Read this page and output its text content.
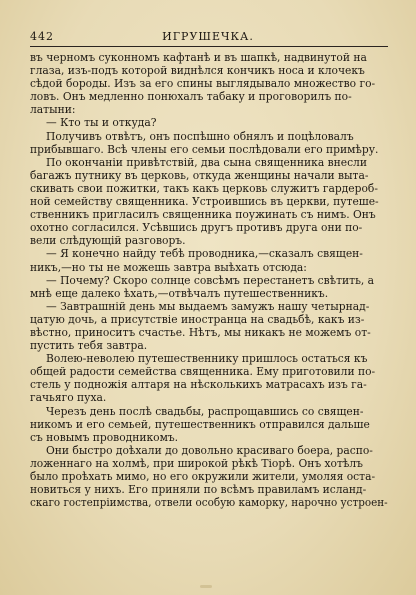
442	ИГРУШЕЧКА.
въ черномъ суконномъ кафтанѣ и въ шапкѣ, надвинутой на
глаза, изъ-подъ которой виднѣлся кончикъ носа и клочекъ
сѣдой бороды. Изъ за его спины выглядывало множество го-
ловъ. Онъ медленно понюхалъ табаку и проговорилъ по-
латыни:
— Кто ты и откуда?
Получивъ отвѣтъ, онъ поспѣшно обнялъ и поцѣловалъ
прибывшаго. Всѣ члены его семьи послѣдовали его примѣру.
По окончаніи привѣтствій, два сына священника внесли
багажъ путнику въ церковь, откуда женщины начали выта-
скивать свои пожитки, такъ какъ церковь служитъ гардероб-
ной семейству священника. Устроившись въ церкви, путеше-
ственникъ пригласилъ священника поужинать съ нимъ. Онъ
охотно согласился. Усѣвшись другъ противъ друга они по-
вели слѣдующій разговоръ.
— Я конечно найду тебѣ проводника,—сказалъ священ-
никъ,—но ты не можешь завтра выѣхать отсюда:
— Почему? Скоро солнце совсѣмъ перестанетъ свѣтить, а
мнѣ еще далеко ѣхать,—отвѣчалъ путешественникъ.
— Завтрашній день мы выдаемъ замужъ нашу четырнад-
цатую дочь, а присутствіе иностранца на свадьбѣ, какъ из-
вѣстно, приноситъ счастье. Нѣтъ, мы никакъ не можемъ от-
пустить тебя завтра.
Волею-неволею путешественнику пришлось остаться къ
общей радости семейства священника. Ему приготовили по-
стель у подножія алтаря на нѣсколькихъ матрасахъ изъ га-
гачьяго пуха.
Черезъ день послѣ свадьбы, распрощавшись со священ-
никомъ и его семьей, путешественникъ отправился дальше
съ новымъ проводникомъ.
Они быстро доѣхали до довольно красиваго боера, распо-
ложеннаго на холмѣ, при широкой рѣкѣ Тіорѣ. Онъ хотѣлъ
было проѣхать мимо, но его окружили жители, умоляя оста-
новиться у нихъ. Его приняли по всѣмъ правиламъ исланд-
скаго гостепріимства, отвели особую каморку, нарочно устроен-
